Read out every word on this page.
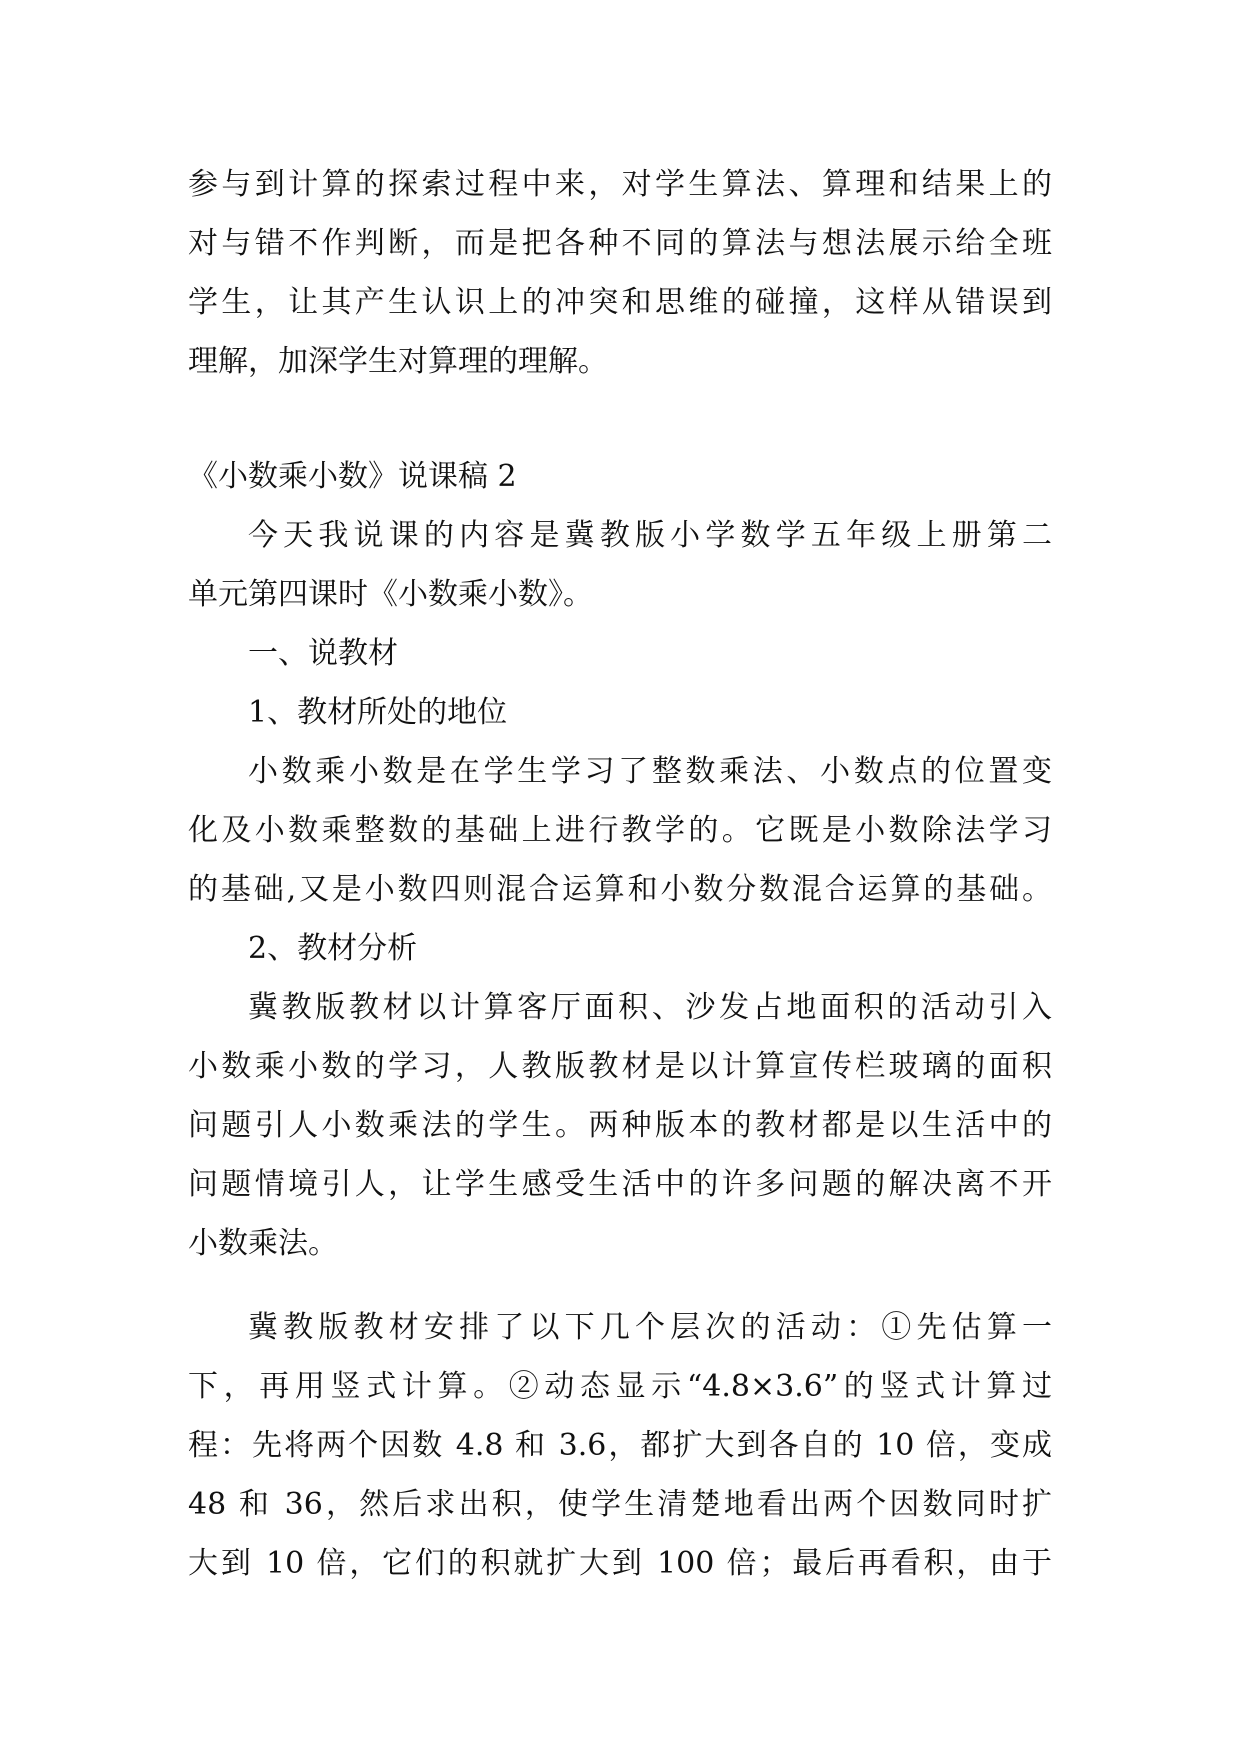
参与到计算的探索过程中来，对学生算法、算理和结果上的

对与错不作判断，而是把各种不同的算法与想法展示给全班

学生，让其产生认识上的冲突和思维的碰撞，这样从错误到

理解，加深学生对算理的理解。

《小数乘小数》说课稿 2

今天我说课的内容是冀教版小学数学五年级上册第二

单元第四课时《小数乘小数》。

一、说教材

1、教材所处的地位

小数乘小数是在学生学习了整数乘法、小数点的位置变

化及小数乘整数的基础上进行教学的。它既是小数除法学习

的基础,又是小数四则混合运算和小数分数混合运算的基础。

2、教材分析

冀教版教材以计算客厅面积、沙发占地面积的活动引入

小数乘小数的学习，人教版教材是以计算宣传栏玻璃的面积

问题引人小数乘法的学生。两种版本的教材都是以生活中的

问题情境引人，让学生感受生活中的许多问题的解决离不开

小数乘法。

冀教版教材安排了以下几个层次的活动：①先估算一

下，再用竖式计算。②动态显示“4.8×3.6”的竖式计算过

程：先将两个因数 4.8 和 3.6，都扩大到各自的 10 倍，变成

48 和 36，然后求出积，使学生清楚地看出两个因数同时扩

大到 10 倍，它们的积就扩大到 100 倍；最后再看积，由于
